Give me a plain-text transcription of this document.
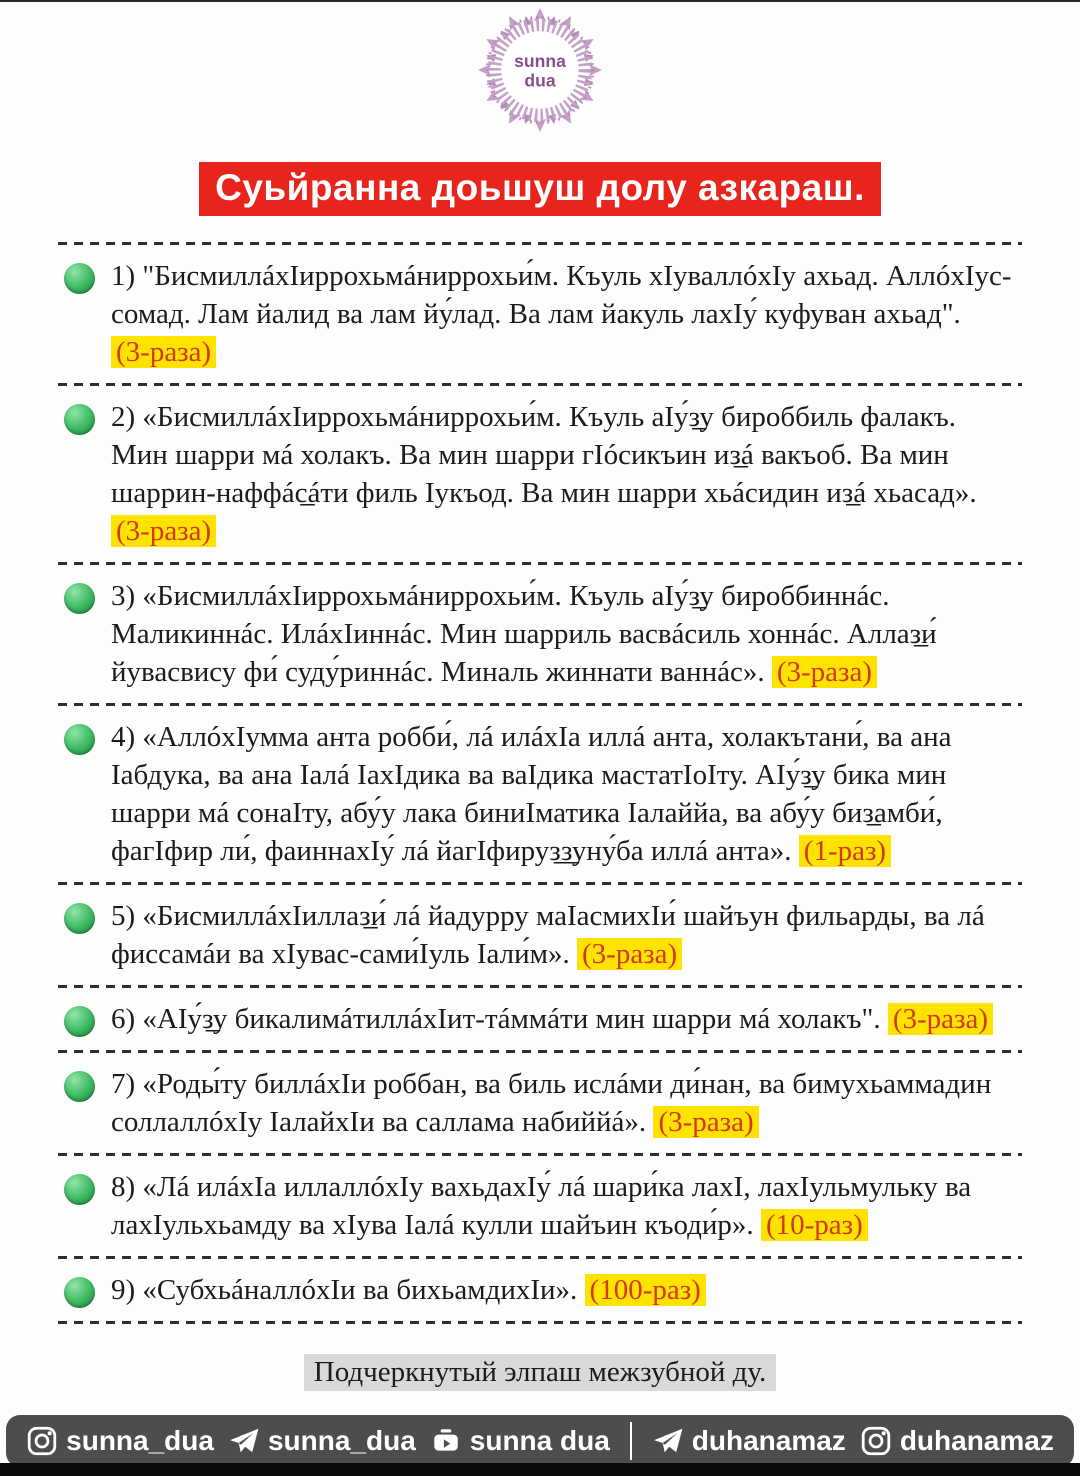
sunna
dua
Суьйранна доьшуш долу азкараш.

1) "БисмиллáхIиррохьмáниррохьи́м. Къуль хIуваллóхIу ахьад. АллóхIус-сомад. Лам йалид ва лам йу́лад. Ва лам йакуль лахIу́ куфуван ахьад". (3-раза)

2) «БисмиллáхIиррохьмáниррохьи́м. Къуль аIу́з̲у бироббиль фалакъ. Мин шарри мá холакъ. Ва мин шарри гIóсикъин из̲á вакъоб. Ва мин шаррин-наффáс̲áти филь Iукъод. Ва мин шарри хьáсидин из̲á хьасад». (3-раза)

3) «БисмиллáхIиррохьмáниррохьи́м. Къуль аIу́з̲у бироббиннáс. Маликиннáс. ИлáхIиннáс. Мин шарриль васвáсиль хоннáс. Аллаз̲и́ йувасвису фи́ суду́риннáс. Миналь жиннати ваннáс». (3-раза)

4) «АллóхIумма анта робби́, лá илáхIа иллá анта, холакътани́, ва ана Iабдука, ва ана Iалá IахIдика ва ваIдика мастатIоIту. АIу́з̲у бика мин шарри мá сонаIту, абу́у лака биниIматика Iалаййа, ва абу́у биз̲амби́, фагIфир ли́, фаиннахIу́ лá йагIфируз̲з̲уну́ба иллá анта». (1-раз)

5) «БисмиллáхIиллаз̲и́ лá йадурру маIасмихIи́ шайъун фильарды, ва лá фиссамáи ва хIувас-сами́Iуль Iали́м». (3-раза)

6) «АIу́з̲у бикалимáтиллáхIит-тáммáти мин шарри мá холакъ". (3-раза)

7) «Роды́ту биллáхIи роббан, ва биль ислáми ди́нан, ва бимухьаммадин соллаллóхIу IалайхIи ва саллама набиййá». (3-раза)

8) «Лá илáхIа иллаллóхIу вахьдахIу́ лá шари́ка лахI, лахIульмульку ва лахIульхьамду ва хIува Iалá кулли шайъин къоди́р». (10-раз)

9) «СубхьáналлóхIи ва бихьамдихIи». (100-раз)

Подчеркнутый элпаш межзубной ду.
sunna_dua sunna_dua sunna dua	duhanamaz duhanamaz
